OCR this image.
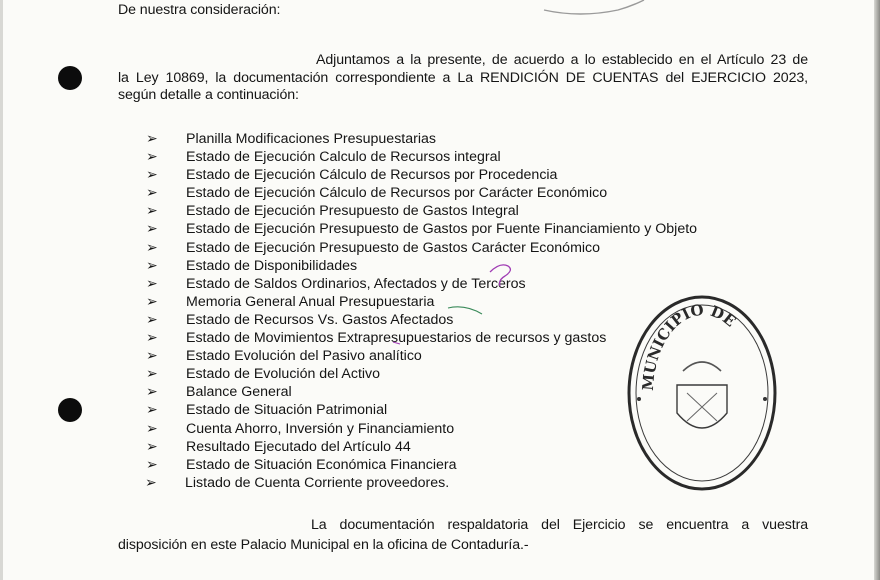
De nuestra consideración:
Adjuntamos a la presente, de acuerdo a lo establecido en el Artículo 23 de
la Ley 10869, la documentación correspondiente a La RENDICIÓN DE CUENTAS del EJERCICIO 2023,
según detalle a continuación:
➢ Planilla Modificaciones Presupuestarias
➢ Estado de Ejecución Calculo de Recursos integral
➢ Estado de Ejecución Cálculo de Recursos por Procedencia
➢ Estado de Ejecución Cálculo de Recursos por Carácter Económico
➢ Estado de Ejecución Presupuesto de Gastos Integral
➢ Estado de Ejecución Presupuesto de Gastos por Fuente Financiamiento y Objeto
➢ Estado de Ejecución Presupuesto de Gastos Carácter Económico
➢ Estado de Disponibilidades
➢ Estado de Saldos Ordinarios, Afectados y de Terceros
➢ Memoria General Anual Presupuestaria
➢ Estado de Recursos Vs. Gastos Afectados
➢ Estado de Movimientos Extrapresupuestarios de recursos y gastos
➢ Estado Evolución del Pasivo analítico
➢ Estado de Evolución del Activo
➢ Balance General
➢ Estado de Situación Patrimonial
➢ Cuenta Ahorro, Inversión y Financiamiento
➢ Resultado Ejecutado del Artículo 44
➢ Estado de Situación Económica Financiera
➢ Listado de Cuenta Corriente proveedores.
MUNICIPIO DE
La documentación respaldatoria del Ejercicio se encuentra a vuestra
disposición en este Palacio Municipal en la oficina de Contaduría.-
